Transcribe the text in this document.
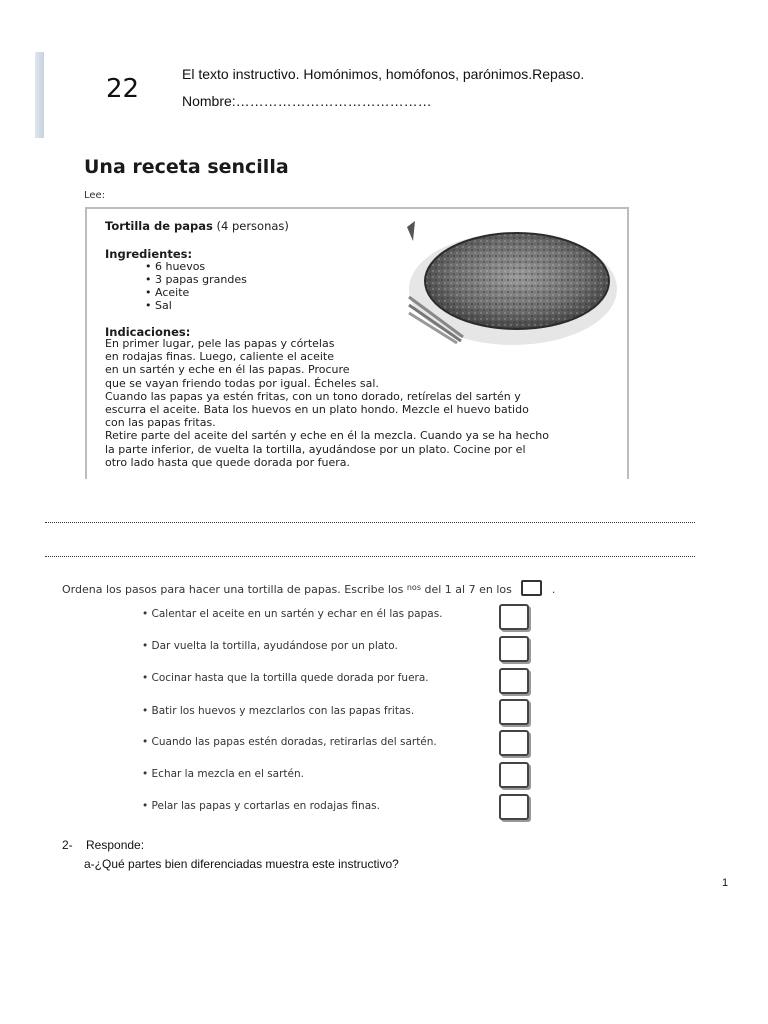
22	El texto instructivo. Homónimos, homófonos, parónimos.Repaso.
Nombre:……………………………………
Una receta sencilla
Lee:
Tortilla de papas (4 personas)
Ingredientes:
• 6 huevos
• 3 papas grandes
• Aceite
• Sal
Indicaciones:

En primer lugar, pele las papas y córtelas
en rodajas finas. Luego, caliente el aceite
en un sartén y eche en él las papas. Procure
que se vayan friendo todas por igual. Écheles sal.
Cuando las papas ya estén fritas, con un tono dorado, retírelas del sartén y
escurra el aceite. Bata los huevos en un plato hondo. Mezcle el huevo batido
con las papas fritas.
Retire parte del aceite del sartén y eche en él la mezcla. Cuando ya se ha hecho
la parte inferior, de vuelta la tortilla, ayudándose por un plato. Cocine por el
otro lado hasta que quede dorada por fuera.

Ordena los pasos para hacer una tortilla de papas. Escribe los $^{nos}$ del 1 al 7 en los	.
• Calentar el aceite en un sartén y echar en él las papas.
• Dar vuelta la tortilla, ayudándose por un plato.
• Cocinar hasta que la tortilla quede dorada por fuera.
• Batir los huevos y mezclarlos con las papas fritas.
• Cuando las papas estén doradas, retirarlas del sartén.
• Echar la mezcla en el sartén.
• Pelar las papas y cortarlas en rodajas finas.
2-    Responde:
a-¿Qué partes bien diferenciadas muestra este instructivo?
1
